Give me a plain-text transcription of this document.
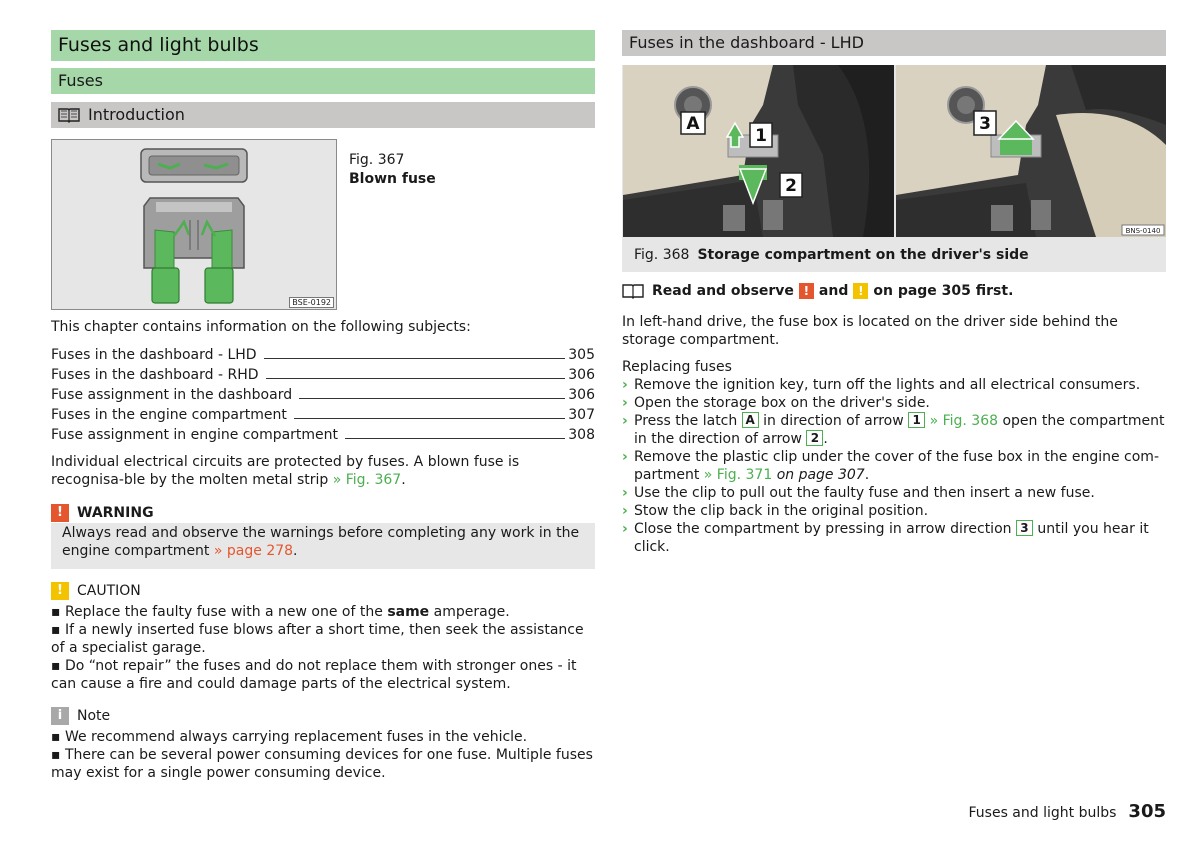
Fuses and light bulbs
Fuses
Introduction
BSE-0192
Fig. 367
Blown fuse

This chapter contains information on the following subjects:

Fuses in the dashboard - LHD	305
Fuses in the dashboard - RHD	306
Fuse assignment in the dashboard	306
Fuses in the engine compartment	307
Fuse assignment in engine compartment	308

Individual electrical circuits are protected by fuses. A blown fuse is recognisa-ble by the molten metal strip » Fig. 367.

!	WARNING
Always read and observe the warnings before completing any work in the engine compartment » page 278.
!	CAUTION

▪ Replace the faulty fuse with a new one of the same amperage.

▪ If a newly inserted fuse blows after a short time, then seek the assistance of a specialist garage.

▪ Do “not repair” the fuses and do not replace them with stronger ones - it can cause a fire and could damage parts of the electrical system.

i	Note

▪ We recommend always carrying replacement fuses in the vehicle.

▪ There can be several power consuming devices for one fuse. Multiple fuses may exist for a single power consuming device.

Fuses in the dashboard - LHD
A
1
2
3
BNS-0140
Fig. 368 Storage compartment on the driver's side
Read and observe ! and ! on page 305 first.

In left-hand drive, the fuse box is located on the driver side behind the storage compartment.

Replacing fuses

› Remove the ignition key, turn off the lights and all electrical consumers.
› Open the storage box on the driver's side.
› Press the latch A in direction of arrow 1 » Fig. 368 open the compartment in the direction of arrow 2 .
› Remove the plastic clip under the cover of the fuse box in the engine com-partment » Fig. 371 on page 307.
› Use the clip to pull out the faulty fuse and then insert a new fuse.
› Stow the clip back in the original position.
› Close the compartment by pressing in arrow direction 3 until you hear it click.
Fuses and light bulbs 305
